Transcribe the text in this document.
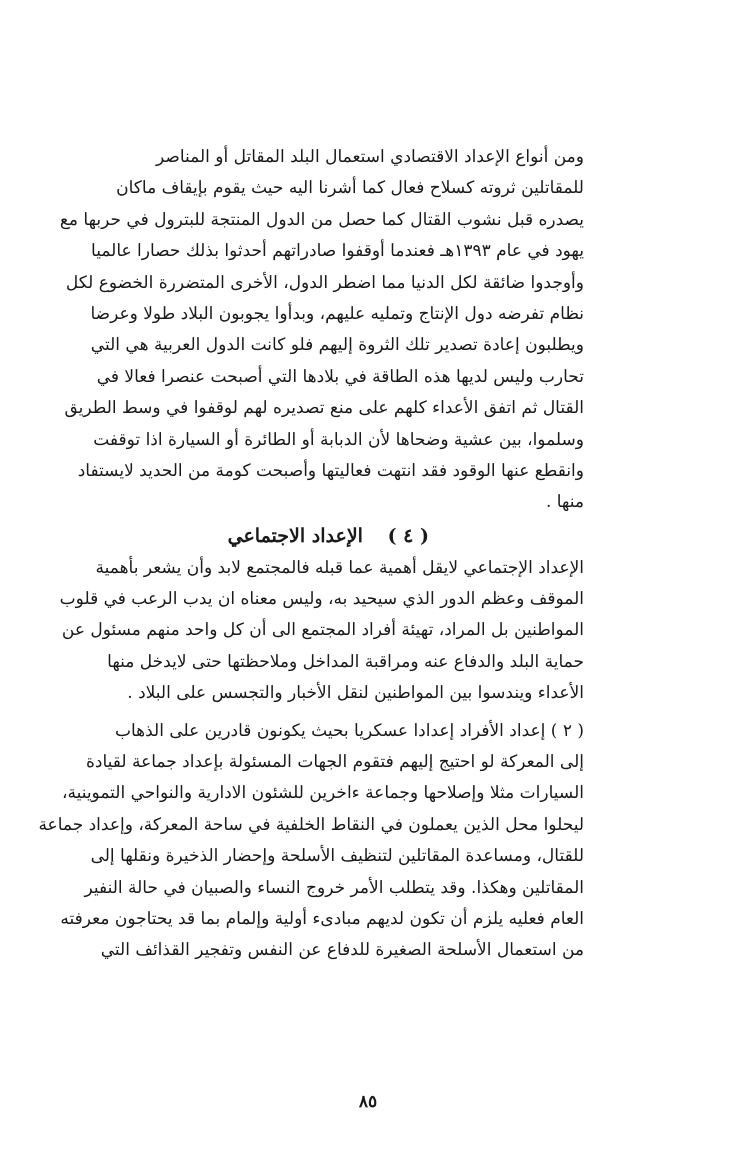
ومن أنواع الإعداد الاقتصادي استعمال البلد المقاتل أو المناصر
للمقاتلين ثروته كسلاح فعال كما أشرنا اليه حيث يقوم بإيقاف ماكان
يصدره قبل نشوب القتال كما حصل من الدول المنتجة للبترول في حربها مع
يهود في عام ١٣٩٣هـ فعندما أوقفوا صادراتهم أحدثوا بذلك حصارا عالميا
وأوجدوا ضائقة لكل الدنيا مما اضطر الدول، الأخرى المتضررة الخضوع لكل
نظام تفرضه دول الإنتاج وتمليه عليهم، وبدأوا يجوبون البلاد طولا وعرضا
ويطلبون إعادة تصدير تلك الثروة إليهم فلو كانت الدول العربية هي التي
تحارب وليس لديها هذه الطاقة في بلادها التي أصبحت عنصرا فعالا في
القتال ثم اتفق الأعداء كلهم على منع تصديره لهم لوقفوا في وسط الطريق
وسلموا، بين عشية وضحاها لأن الدبابة أو الطائرة أو السيارة اذا توقفت
وانقطع عنها الوقود فقد انتهت فعاليتها وأصبحت كومة من الحديد لايستفاد
منها .
( ٤ ) الإعداد الاجتماعي
الإعداد الإجتماعي لايقل أهمية عما قبله فالمجتمع لابد وأن يشعر بأهمية
الموقف وعظم الدور الذي سيحيد به، وليس معناه ان يدب الرعب في قلوب
المواطنين بل المراد، تهيئة أفراد المجتمع الى أن كل واحد منهم مسئول عن
حماية البلد والدفاع عنه ومراقبة المداخل وملاحظتها حتى لايدخل منها
الأعداء ويندسوا بين المواطنين لنقل الأخبار والتجسس على البلاد .
( ٢ ) إعداد الأفراد إعدادا عسكريا بحيث يكونون قادرين على الذهاب
إلى المعركة لو احتيج إليهم فتقوم الجهات المسئولة بإعداد جماعة لقيادة
السيارات مثلا وإصلاحها وجماعة ءاخرين للشئون الادارية والنواحي التموينية،
ليحلوا محل الذين يعملون في النقاط الخلفية في ساحة المعركة، وإعداد جماعة
للقتال، ومساعدة المقاتلين لتنظيف الأسلحة وإحضار الذخيرة ونقلها إلى
المقاتلين وهكذا. وقد يتطلب الأمر خروج النساء والصبيان في حالة النفير
العام فعليه يلزم أن تكون لديهم مبادىء أولية وإلمام بما قد يحتاجون معرفته
من استعمال الأسلحة الصغيرة للدفاع عن النفس وتفجير القذائف التي
٨٥
